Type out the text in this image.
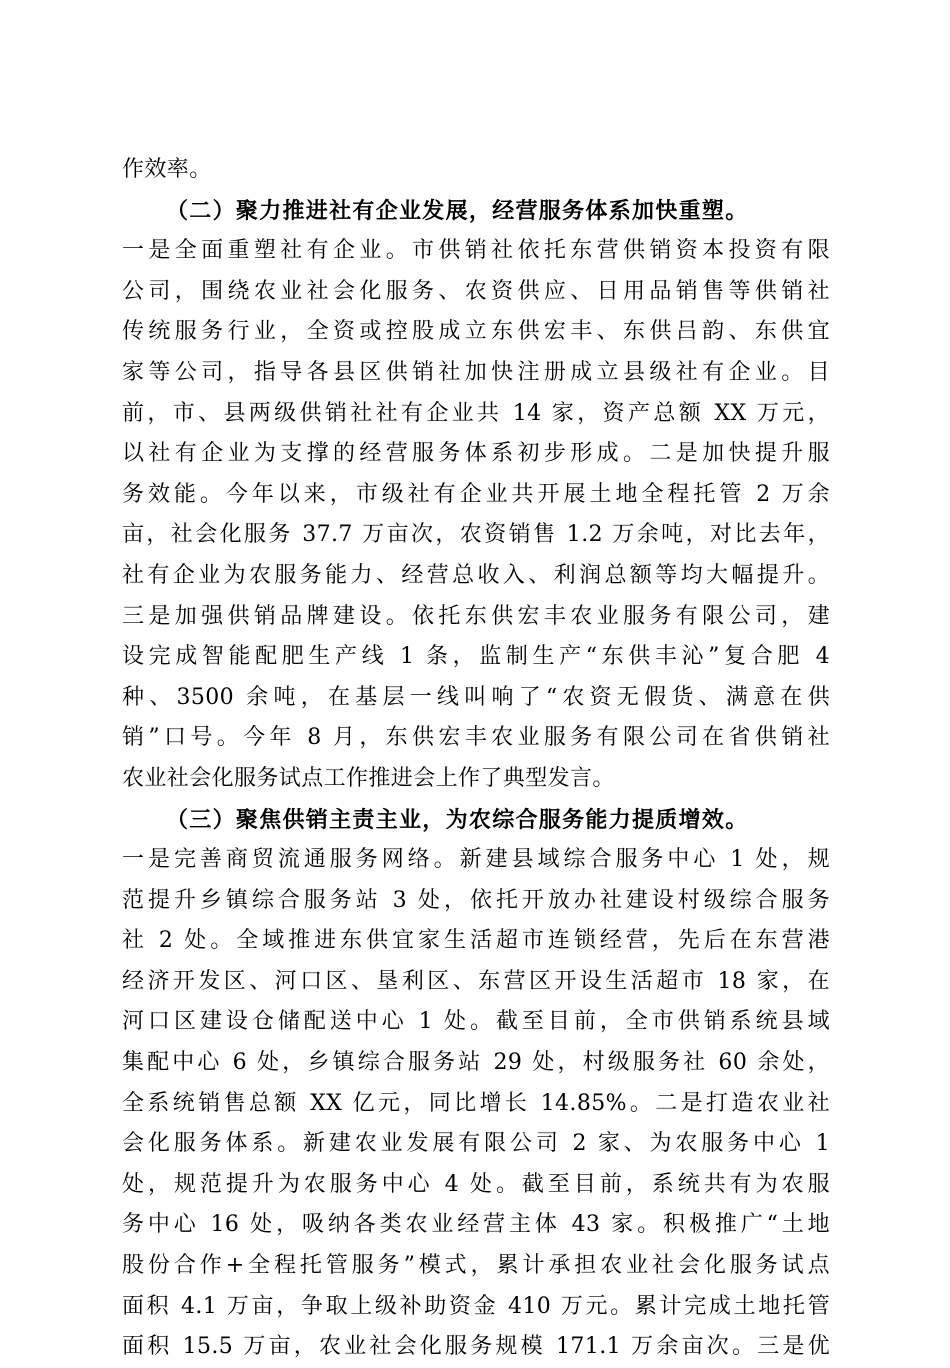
作效率。
（二）聚力推进社有企业发展，经营服务体系加快重塑。
一是全面重塑社有企业。市供销社依托东营供销资本投资有限
公司，围绕农业社会化服务、农资供应、日用品销售等供销社
传统服务行业，全资或控股成立东供宏丰、东供吕韵、东供宜
家等公司，指导各县区供销社加快注册成立县级社有企业。目
前，市、县两级供销社社有企业共 14 家，资产总额 XX 万元，
以社有企业为支撑的经营服务体系初步形成。二是加快提升服
务效能。今年以来，市级社有企业共开展土地全程托管 2 万余
亩，社会化服务 37.7 万亩次，农资销售 1.2 万余吨，对比去年，
社有企业为农服务能力、经营总收入、利润总额等均大幅提升。
三是加强供销品牌建设。依托东供宏丰农业服务有限公司，建
设完成智能配肥生产线 1 条，监制生产“东供丰沁”复合肥 4
种、3500 余吨，在基层一线叫响了“农资无假货、满意在供
销”口号。今年 8 月，东供宏丰农业服务有限公司在省供销社
农业社会化服务试点工作推进会上作了典型发言。
（三）聚焦供销主责主业，为农综合服务能力提质增效。
一是完善商贸流通服务网络。新建县域综合服务中心 1 处，规
范提升乡镇综合服务站 3 处，依托开放办社建设村级综合服务
社 2 处。全域推进东供宜家生活超市连锁经营，先后在东营港
经济开发区、河口区、垦利区、东营区开设生活超市 18 家，在
河口区建设仓储配送中心 1 处。截至目前，全市供销系统县域
集配中心 6 处，乡镇综合服务站 29 处，村级服务社 60 余处，
全系统销售总额 XX 亿元，同比增长 14.85%。二是打造农业社
会化服务体系。新建农业发展有限公司 2 家、为农服务中心 1
处，规范提升为农服务中心 4 处。截至目前，系统共有为农服
务中心 16 处，吸纳各类农业经营主体 43 家。积极推广“土地
股份合作+全程托管服务”模式，累计承担农业社会化服务试点
面积 4.1 万亩，争取上级补助资金 410 万元。累计完成土地托管
面积 15.5 万亩，农业社会化服务规模 171.1 万余亩次。三是优
